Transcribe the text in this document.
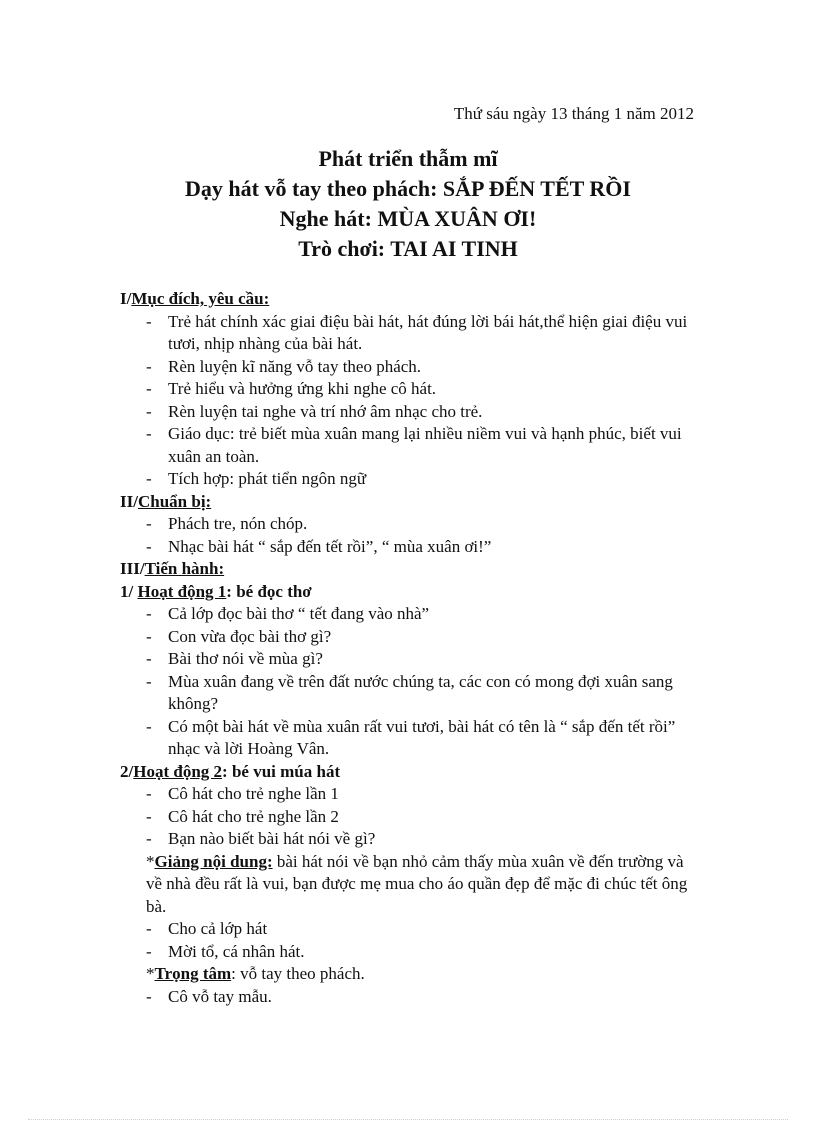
Thứ sáu ngày 13 tháng 1 năm 2012
Phát triển thẫm mĩ
Dạy hát vỗ tay theo phách: SẮP ĐẾN TẾT RỒI
Nghe hát: MÙA XUÂN ƠI!
Trò chơi: TAI AI TINH
I/Mục đích, yêu cầu:
- Trẻ hát chính xác giai điệu bài hát, hát đúng lời bái hát,thể hiện giai điệu vui tươi, nhịp nhàng của bài hát.
- Rèn luyện kĩ năng vỗ tay theo phách.
- Trẻ hiểu và hưởng ứng khi nghe cô hát.
- Rèn luyện tai nghe và trí nhớ âm nhạc cho trẻ.
- Giáo dục: trẻ biết mùa xuân mang lại nhiều niềm vui và hạnh phúc, biết vui xuân an toàn.
- Tích hợp: phát tiển ngôn ngữ
II/Chuẩn bị:
- Phách tre, nón chóp.
- Nhạc bài hát “ sắp đến tết rồi”, “ mùa xuân ơi!”
III/Tiến hành:
1/ Hoạt động 1: bé đọc thơ
- Cả lớp đọc bài thơ “ tết đang vào nhà”
- Con vừa đọc bài thơ gì?
- Bài thơ nói về mùa gì?
- Mùa xuân đang về trên đất nước chúng ta, các con có mong đợi xuân sang không?
- Có một bài hát về mùa xuân rất vui tươi, bài hát có tên là “ sắp đến tết rồi” nhạc và lời Hoàng Vân.
2/Hoạt động 2: bé vui múa hát
- Cô hát cho trẻ nghe lần 1
- Cô hát cho trẻ nghe lần 2
- Bạn nào biết bài hát nói về gì?
*Giảng nội dung: bài hát nói về bạn nhỏ cảm thấy mùa xuân về đến trường và về nhà đều rất là vui, bạn được mẹ mua cho áo quần đẹp để mặc đi chúc tết ông bà.
- Cho cả lớp hát
- Mời tổ, cá nhân hát.
*Trọng tâm: vỗ tay theo phách.
- Cô vỗ tay mẫu.
